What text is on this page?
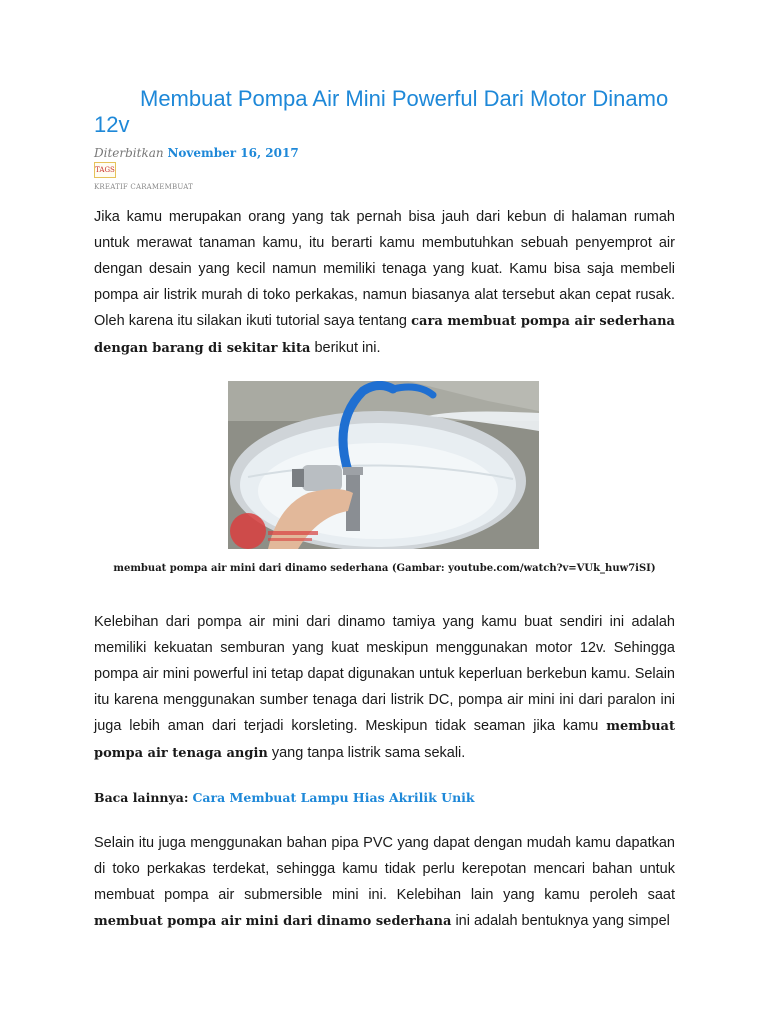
Membuat Pompa Air Mini Powerful Dari Motor Dinamo 12v
Diterbitkan November 16, 2017
TAGS
KREATIF CARAMEMBUAT

Jika kamu merupakan orang yang tak pernah bisa jauh dari kebun di halaman rumah untuk merawat tanaman kamu, itu berarti kamu membutuhkan sebuah penyemprot air dengan desain yang kecil namun memiliki tenaga yang kuat. Kamu bisa saja membeli pompa air listrik murah di toko perkakas, namun biasanya alat tersebut akan cepat rusak. Oleh karena itu silakan ikuti tutorial saya tentang cara membuat pompa air sederhana dengan barang di sekitar kita berikut ini.

membuat pompa air mini dari dinamo sederhana (Gambar: youtube.com/watch?v=VUk_huw7iSI)

Kelebihan dari pompa air mini dari dinamo tamiya yang kamu buat sendiri ini adalah memiliki kekuatan semburan yang kuat meskipun menggunakan motor 12v. Sehingga pompa air mini powerful ini tetap dapat digunakan untuk keperluan berkebun kamu. Selain itu karena menggunakan sumber tenaga dari listrik DC, pompa air mini ini dari paralon ini juga lebih aman dari terjadi korsleting. Meskipun tidak seaman jika kamu membuat pompa air tenaga angin yang tanpa listrik sama sekali.

Baca lainnya: Cara Membuat Lampu Hias Akrilik Unik

Selain itu juga menggunakan bahan pipa PVC yang dapat dengan mudah kamu dapatkan di toko perkakas terdekat, sehingga kamu tidak perlu kerepotan mencari bahan untuk membuat pompa air submersible mini ini. Kelebihan lain yang kamu peroleh saat membuat pompa air mini dari dinamo sederhana ini adalah bentuknya yang simpel
